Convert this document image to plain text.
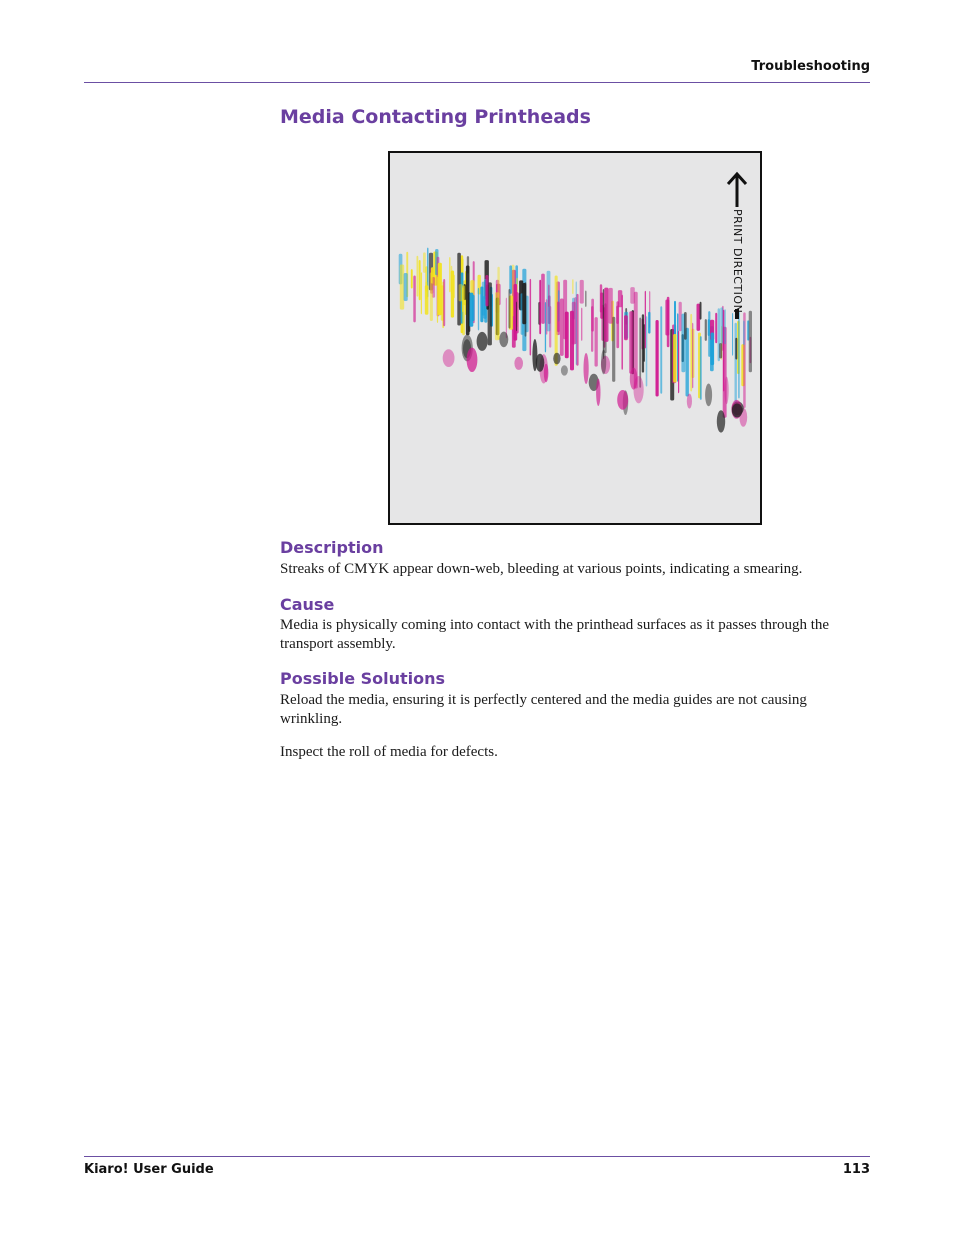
Troubleshooting
Media Contacting Printheads
PRINT DIRECTION
Description

Streaks of CMYK appear down-web, bleeding at various points, indicating a smearing.

Cause

Media is physically coming into contact with the printhead surfaces as it passes through the transport assembly.

Possible Solutions

Reload the media, ensuring it is perfectly centered and the media guides are not causing wrinkling.

Inspect the roll of media for defects.

Kiaro! User Guide	113
